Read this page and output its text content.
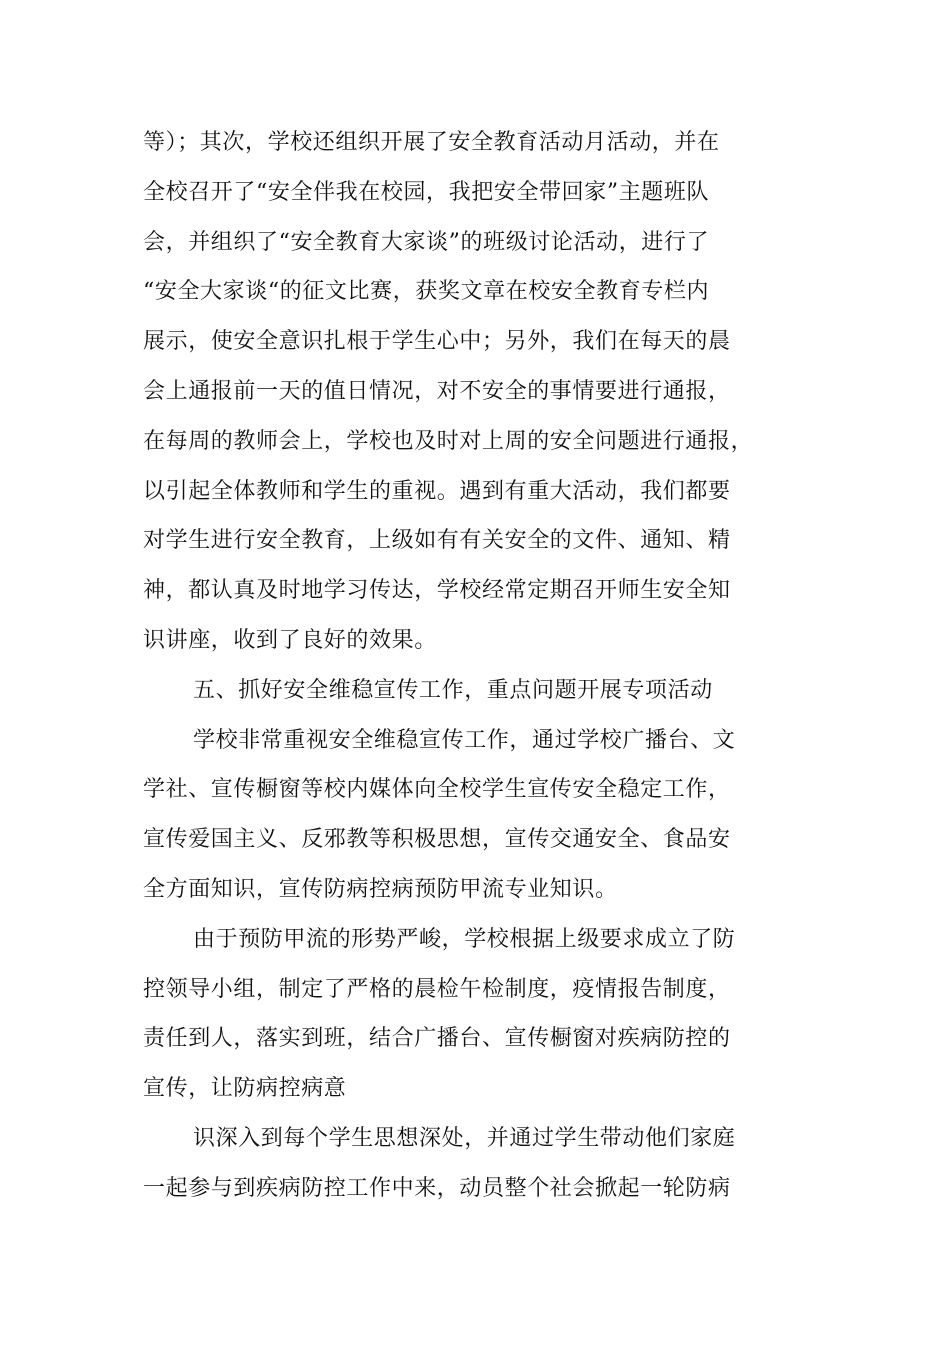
等）；其次，学校还组织开展了安全教育活动月活动，并在
全校召开了“安全伴我在校园，我把安全带回家”主题班队
会，并组织了“安全教育大家谈”的班级讨论活动，进行了
“安全大家谈“的征文比赛，获奖文章在校安全教育专栏内
展示，使安全意识扎根于学生心中；另外，我们在每天的晨
会上通报前一天的值日情况，对不安全的事情要进行通报，
在每周的教师会上，学校也及时对上周的安全问题进行通报，
以引起全体教师和学生的重视。遇到有重大活动，我们都要
对学生进行安全教育，上级如有有关安全的文件、通知、精
神，都认真及时地学习传达，学校经常定期召开师生安全知
识讲座，收到了良好的效果。
五、抓好安全维稳宣传工作，重点问题开展专项活动
学校非常重视安全维稳宣传工作，通过学校广播台、文
学社、宣传橱窗等校内媒体向全校学生宣传安全稳定工作，
宣传爱国主义、反邪教等积极思想，宣传交通安全、食品安
全方面知识，宣传防病控病预防甲流专业知识。
由于预防甲流的形势严峻，学校根据上级要求成立了防
控领导小组，制定了严格的晨检午检制度，疫情报告制度，
责任到人，落实到班，结合广播台、宣传橱窗对疾病防控的
宣传，让防病控病意
识深入到每个学生思想深处，并通过学生带动他们家庭
一起参与到疾病防控工作中来，动员整个社会掀起一轮防病
